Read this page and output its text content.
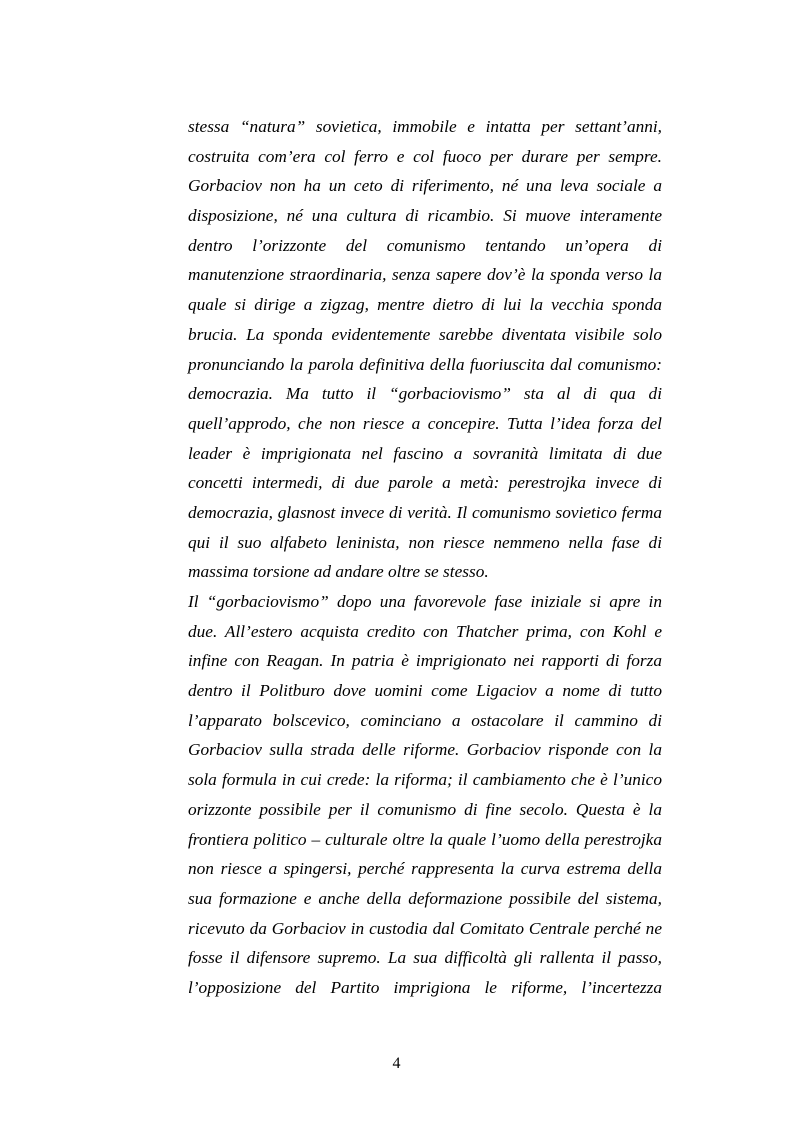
stessa “natura” sovietica, immobile e intatta per settant’anni,
costruita com’era col ferro e col fuoco per durare per sempre.
Gorbaciov non ha un ceto di riferimento, né una leva sociale a
disposizione, né una cultura di ricambio. Si muove interamente
dentro l’orizzonte del comunismo tentando un’opera di
manutenzione straordinaria, senza sapere dov’è la sponda verso la
quale si dirige a zigzag, mentre dietro di lui la vecchia sponda
brucia. La sponda evidentemente sarebbe diventata visibile solo
pronunciando la parola definitiva della fuoriuscita dal comunismo:
democrazia. Ma tutto il “gorbaciovismo” sta al di qua di
quell’approdo, che non riesce a concepire. Tutta l’idea forza del
leader è imprigionata nel fascino a sovranità limitata di due
concetti intermedi, di due parole a metà: perestrojka invece di
democrazia, glasnost invece di verità. Il comunismo sovietico ferma
qui il suo alfabeto leninista, non riesce nemmeno nella fase di
massima torsione ad andare oltre se stesso.
Il “gorbaciovismo” dopo una favorevole fase iniziale si apre in
due. All’estero acquista credito con Thatcher prima, con Kohl e
infine con Reagan. In patria è imprigionato nei rapporti di forza
dentro il Politburo dove uomini come Ligaciov a nome di tutto
l’apparato bolscevico, cominciano a ostacolare il cammino di
Gorbaciov sulla strada delle riforme. Gorbaciov risponde con la
sola formula in cui crede: la riforma; il cambiamento che è l’unico
orizzonte possibile per il comunismo di fine secolo. Questa è la
frontiera politico – culturale oltre la quale l’uomo della perestrojka
non riesce a spingersi, perché rappresenta la curva estrema della
sua formazione e anche della deformazione possibile del sistema,
ricevuto da Gorbaciov in custodia dal Comitato Centrale perché ne
fosse il difensore supremo. La sua difficoltà gli rallenta il passo,
l’opposizione del Partito imprigiona le riforme, l’incertezza
4
